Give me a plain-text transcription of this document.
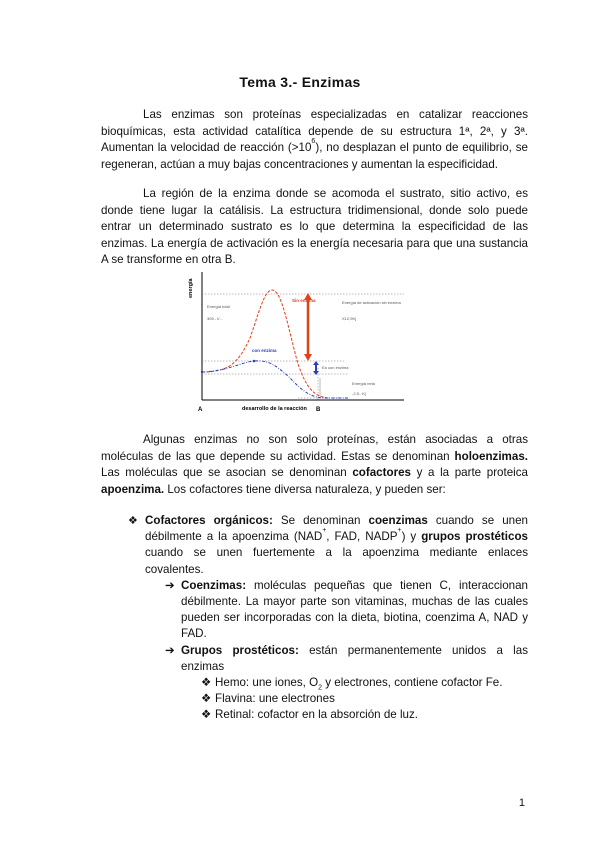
Tema 3.- Enzimas

Las enzimas son proteínas especializadas en catalizar reacciones bioquímicas, esta actividad catalítica depende de su estructura 1ª, 2ª, y 3ª. Aumentan la velocidad de reacción $(>10^6)$, no desplazan el punto de equilibrio, se regeneran, actúan a muy bajas concentraciones y aumentan la especificidad.

La región de la enzima donde se acomoda el sustrato, sitio activo, es donde tiene lugar la catálisis. La estructura tridimensional, donde solo puede entrar un determinado sustrato es lo que determina la especificidad de las enzimas. La energía de activación es la energía necesaria para que una sustancia A se transforme en otra B.

energía
desarrollo de la reacción
A	B
Sin enzima
con enzima
Energía total
305 - t/...
Energía de activación sin enzima
X12,9Kj
Ea con enzima
Energía neta
-2,5...Kj

Algunas enzimas no son solo proteínas, están asociadas a otras moléculas de las que depende su actividad. Estas se denominan holoenzimas. Las moléculas que se asocian se denominan cofactores y a la parte proteica apoenzima. Los cofactores tiene diversa naturaleza, y pueden ser:

❖ Cofactores orgánicos: Se denominan coenzimas cuando se unen débilmente a la apoenzima (NAD+, FAD, NADP+) y grupos prostéticos cuando se unen fuertemente a la apoenzima mediante enlaces covalentes.
➔ Coenzimas: moléculas pequeñas que tienen C, interaccionan débilmente. La mayor parte son vitaminas, muchas de las cuales pueden ser incorporadas con la dieta, biotina, coenzima A, NAD y FAD.
➔ Grupos prostéticos: están permanentemente unidos a las enzimas
❖ Hemo: une iones, $O_2$ y electrones, contiene cofactor Fe.
❖ Flavina: une electrones
❖ Retinal: cofactor en la absorción de luz.
1
